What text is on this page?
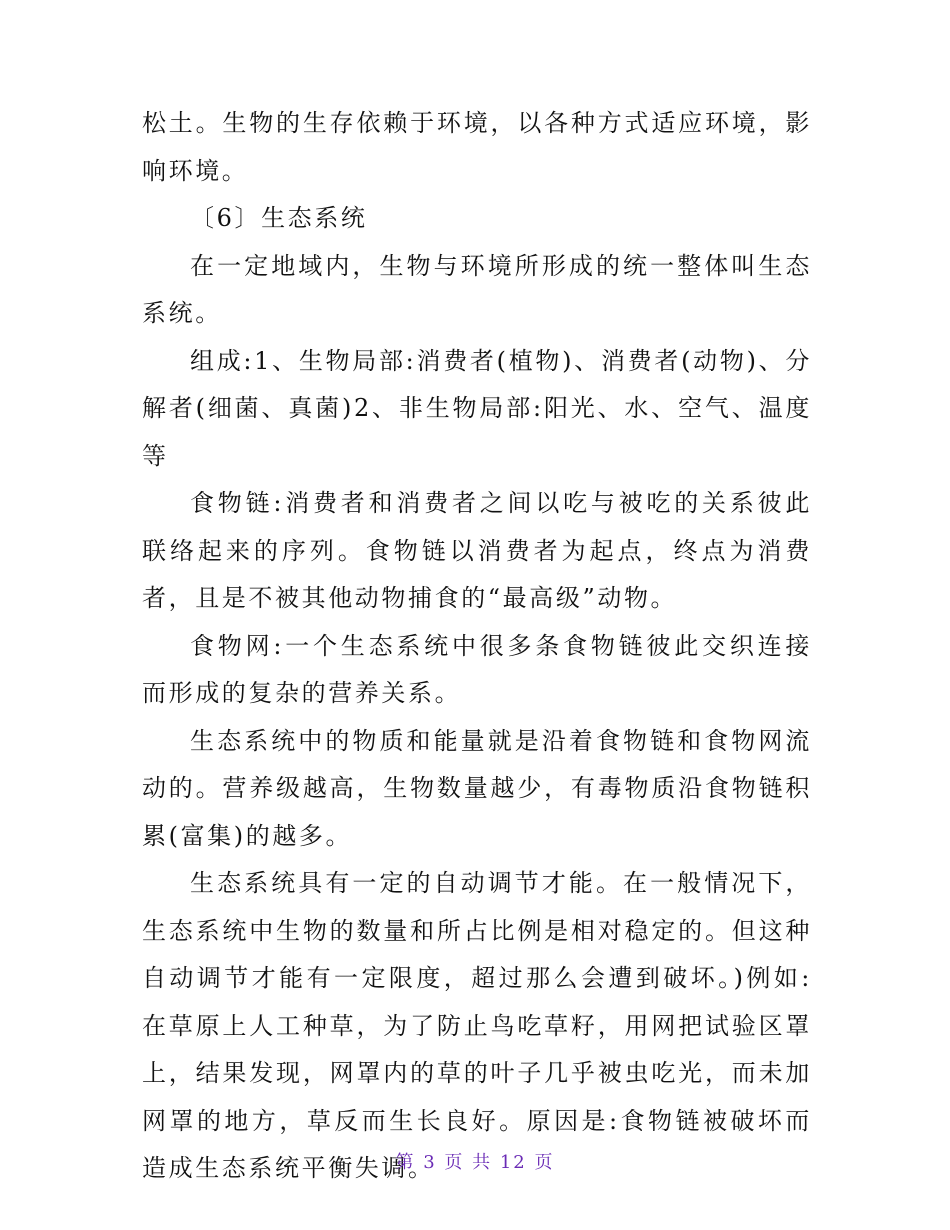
松土。生物的生存依赖于环境，以各种方式适应环境，影响环境。

〔6〕生态系统

在一定地域内，生物与环境所形成的统一整体叫生态系统。

组成:1、生物局部:消费者(植物)、消费者(动物)、分解者(细菌、真菌)2、非生物局部:阳光、水、空气、温度等

食物链:消费者和消费者之间以吃与被吃的关系彼此联络起来的序列。食物链以消费者为起点，终点为消费者，且是不被其他动物捕食的“最高级”动物。

食物网:一个生态系统中很多条食物链彼此交织连接而形成的复杂的营养关系。

生态系统中的物质和能量就是沿着食物链和食物网流动的。营养级越高，生物数量越少，有毒物质沿食物链积累(富集)的越多。

生态系统具有一定的自动调节才能。在一般情况下，生态系统中生物的数量和所占比例是相对稳定的。但这种自动调节才能有一定限度，超过那么会遭到破坏。)例如:在草原上人工种草，为了防止鸟吃草籽，用网把试验区罩上，结果发现，网罩内的草的叶子几乎被虫吃光，而未加网罩的地方，草反而生长良好。原因是:食物链被破坏而造成生态系统平衡失调。

第 3 页 共 12 页
